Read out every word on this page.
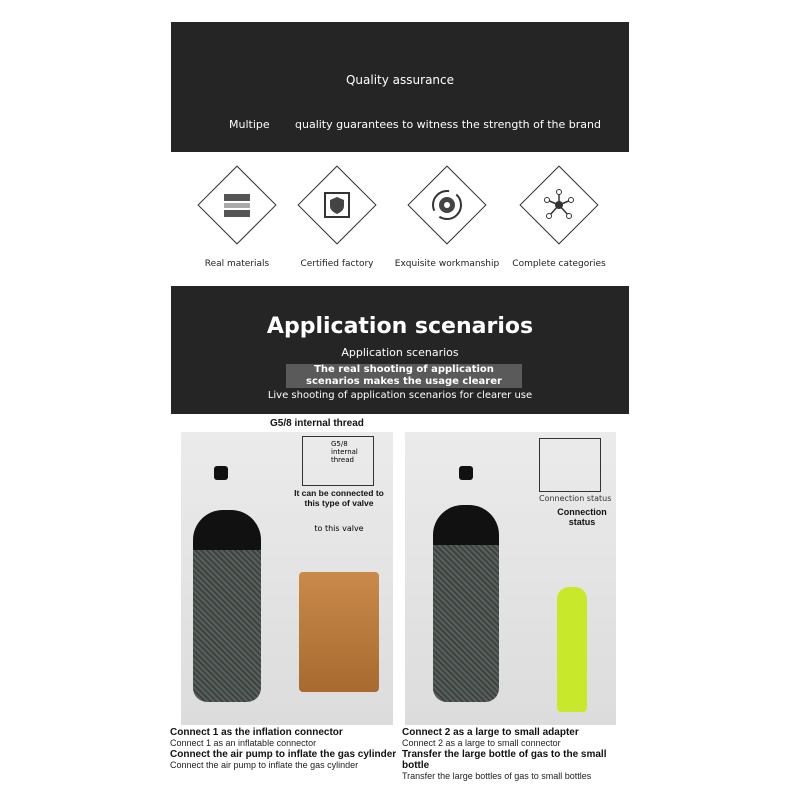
Quality assurance
Multipe quality guarantees to witness the strength of the brand
Real materials	Certified factory	Exquisite workmanship	Complete categories
Application scenarios
Application scenarios
The real shooting of application
scenarios makes the usage clearer
Live shooting of application scenarios for clearer use
G5/8 internal thread
G5/8 internal thread
It can be connected to this type of valve
to this valve
Connection status
Connection status
Connect 1 as the inflation connector
Connect 1 as an inflatable connector
Connect the air pump to inflate the gas cylinder
Connect the air pump to inflate the gas cylinder
Connect 2 as a large to small adapter
Connect 2 as a large to small connector
Transfer the large bottle of gas to the small bottle
Transfer the large bottles of gas to small bottles
